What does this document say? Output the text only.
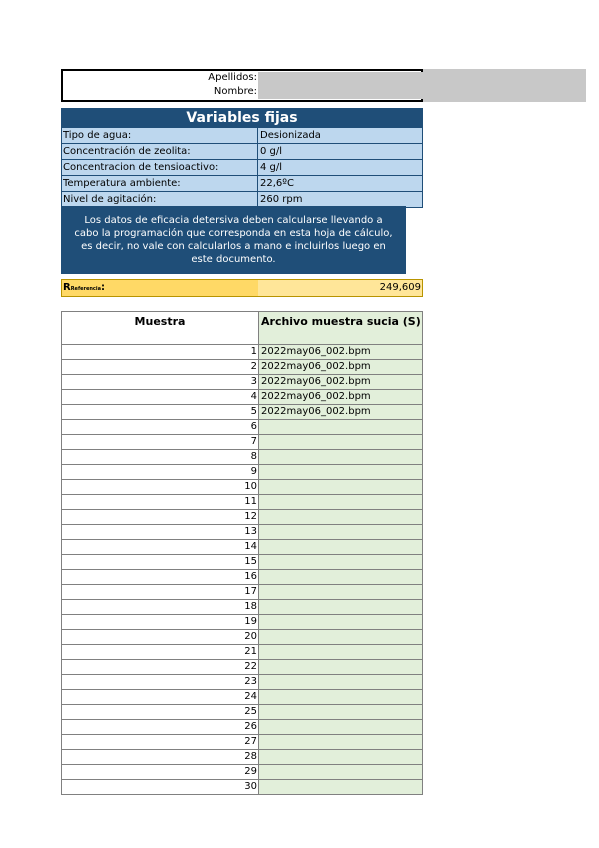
Apellidos:
Nombre:
Variables fijas
Tipo de agua:	Desionizada
Concentración de zeolita:	0 g/l
Concentracion de tensioactivo:	4 g/l
Temperatura ambiente:	22,6ºC
Nivel de agitación:	260 rpm
Los datos de eficacia detersiva deben calcularse llevando a cabo la programación que corresponda en esta hoja de cálculo, es decir, no vale con calcularlos a mano e incluirlos luego en este documento.
RReferencia:	249,609
Muestra	Archivo muestra sucia (S)
1	2022may06_002.bpm
2	2022may06_002.bpm
3	2022may06_002.bpm
4	2022may06_002.bpm
5	2022may06_002.bpm
6	
7	
8	
9	
10	
11	
12	
13	
14	
15	
16	
17	
18	
19	
20	
21	
22	
23	
24	
25	
26	
27	
28	
29	
30	
